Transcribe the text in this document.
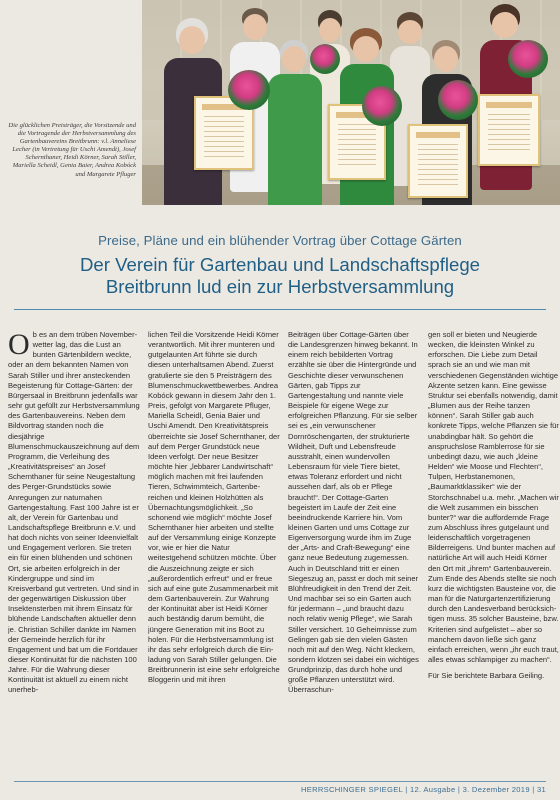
Die glücklichen Preisträger, die Vorsitzende und die Vortragende der Herbstversammlung des Gartenbauvereins Breitbrunn: v.l. Anneliese Lecher (in Vertretung für Uschi Amendt), Josef Schernthaner, Heidi Körner, Sarah Stiller, Mariella Scheidl, Genia Baier, Andrea Kobóck und Margarete Pfluger
Preise, Pläne und ein blühender Vortrag über Cottage Gärten
Der Verein für Gartenbau und Landschaftspflege
Breitbrunn lud ein zur Herbstversammlung

Ob es an dem trüben Novemberwetter lag, das die Lust an bunten Gärtenbildern weckte, oder an dem bekannten Namen von Sarah Stiller und ihrer ansteckenden Begeisterung für Cottage-Gärten: der Bürgersaal in Breitbrunn jedenfalls war sehr gut gefüllt zur Herbstversammlung des Gartenbauvereins. Neben dem Bildvortrag standen noch die diesjährige Blumenschmuckauszeichnung auf dem Programm, die Verleihung des „Kreativitätspreises“ an Josef Schernthaner für seine Neugestaltung des Perger-Grundstücks sowie Anregungen zur naturnahen Gartengestaltung. Fast 100 Jahre ist er alt, der Verein für Gartenbau und Landschaftspflege Breitbrunn e.V. und hat doch nichts von seiner Ideenvielfalt und Engagement verloren. Sie treten ein für einen blühenden und schönen Ort, sie arbeiten erfolgreich in der Kindergruppe und sind im Kreisverband gut vertreten. Und sind in der gegenwärtigen Diskussion über Insektensterben mit ihrem Einsatz für blühende Landschaften aktueller denn je. Christian Schiller dankte im Namen der Gemeinde herzlich für ihr Engagement und bat um die Fortdauer dieser Kontinuität für die nächsten 100 Jahre. Für die Wahrung dieser Kontinuität ist aktuell zu einem nicht unerheb-

lichen Teil die Vorsitzende Heidi Körner verantwortlich. Mit ihrer munteren und gutgelaunten Art führte sie durch diesen unterhaltsamen Abend. Zuerst gratulierte sie den 5 Preisträgern des Blumenschmuckwettbewerbes. Andrea Kobóck gewann in diesem Jahr den 1. Preis, gefolgt von Margarete Pfluger, Mariella Scheidl, Genia Baier und Uschi Amendt. Den Kreativitätspreis überreichte sie Josef Schernthaner, der auf dem Perger Grundstück neue Ideen verfolgt. Der neue Besitzer möchte hier „lebbarer Landwirtschaft“ möglich machen mit frei laufenden Tieren, Schwimmteich, Gartenbereichen und kleinen Holzhütten als Übernachtungsmöglichkeit. „So schonend wie möglich“ möchte Josef Schernthaner hier arbeiten und stellte auf der Versammlung einige Konzepte vor, wie er hier die Natur weitestgehend schützen möchte. Über die Auszeichnung zeigte er sich „außerordentlich erfreut“ und er freue sich auf eine gute Zusammenarbeit mit dem Gartenbauverein. Zur Wahrung der Kontinuität aber ist Heidi Körner auch beständig darum bemüht, die jüngere Generation mit ins Boot zu holen. Für die Herbstversammlung ist ihr das sehr erfolgreich durch die Einladung von Sarah Stiller gelungen. Die Breitbrunnerin ist eine sehr erfolgreiche Bloggerin und mit ihren

Beiträgen über Cottage-Gärten über die Landesgrenzen hinweg bekannt. In einem reich bebilderten Vortrag erzählte sie über die Hintergründe und Geschichte dieser verwunschenen Gärten, gab Tipps zur Gartengestaltung und nannte viele Beispiele für eigene Wege zur erfolgreichen Pflanzung. Für sie selber sei es „ein verwunschener Dornröschengarten, der strukturierte Wildheit, Duft und Lebensfreude ausstrahlt, einen wundervollen Lebensraum für viele Tiere bietet, etwas Toleranz erfordert und nicht aussehen darf, als ob er Pflege braucht!“. Der Cottage-Garten begeistert im Laufe der Zeit eine beeindruckende Karriere hin. Vom kleinen Garten und ums Cottage zur Eigenversorgung wurde ihm im Zuge der „Arts- and Craft-Bewegung“ eine ganz neue Bedeutung zugemessen. Auch in Deutschland tritt er einen Siegeszug an, passt er doch mit seiner Blühfreudigkeit in den Trend der Zeit. Und machbar sei so ein Garten auch für jedermann – „und braucht dazu noch relativ wenig Pflege“, wie Sarah Stiller versichert. 10 Geheimnisse zum Gelingen gab sie den vielen Gästen noch mit auf den Weg. Nicht kleckern, sondern klotzen sei dabei ein wichtiges Grundprinzip, das durch hohe und große Pflanzen unterstützt wird. Überraschun-

gen soll er bieten und Neugierde wecken, die kleinsten Winkel zu erforschen. Die Liebe zum Detail sprach sie an und wie man mit verschiedenen Gegenständen wichtige Akzente setzen kann. Eine gewisse Struktur sei ebenfalls notwendig, damit „Blumen aus der Reihe tanzen können“. Sarah Stiller gab auch konkrete Tipps, welche Pflanzen sie für unabdingbar hält. So gehört die anspruchslose Ramblerrose für sie unbedingt dazu, wie auch „kleine Helden“ wie Moose und Flechten“, Tulpen, Herbstanemonen, „Baumarktklassiker“ wie der Storchschnabel u.a. mehr. „Machen wir die Welt zusammen ein bisschen bunter?“ war die auffordernde Frage zum Abschluss ihres gutgelaunt und leidenschaftlich vorgetragenen Bilderreigens. Und bunter machen auf natürliche Art will auch Heidi Körner den Ort mit „ihrem“ Gartenbauverein. Zum Ende des Abends stellte sie noch kurz die wichtigsten Bausteine vor, die man für die Naturgartenzertifizierung durch den Landesverband berücksichtigen muss. 35 solcher Bausteine, bzw. Kriterien sind aufgelistet – aber so manchem davon ließe sich ganz einfach erreichen, wenn „ihr euch traut, alles etwas schlampiger zu machen“.

Für Sie berichtete Barbara Geiling.

HERRSCHINGER SPIEGEL | 12. Ausgabe | 3. Dezember 2019 | 31
